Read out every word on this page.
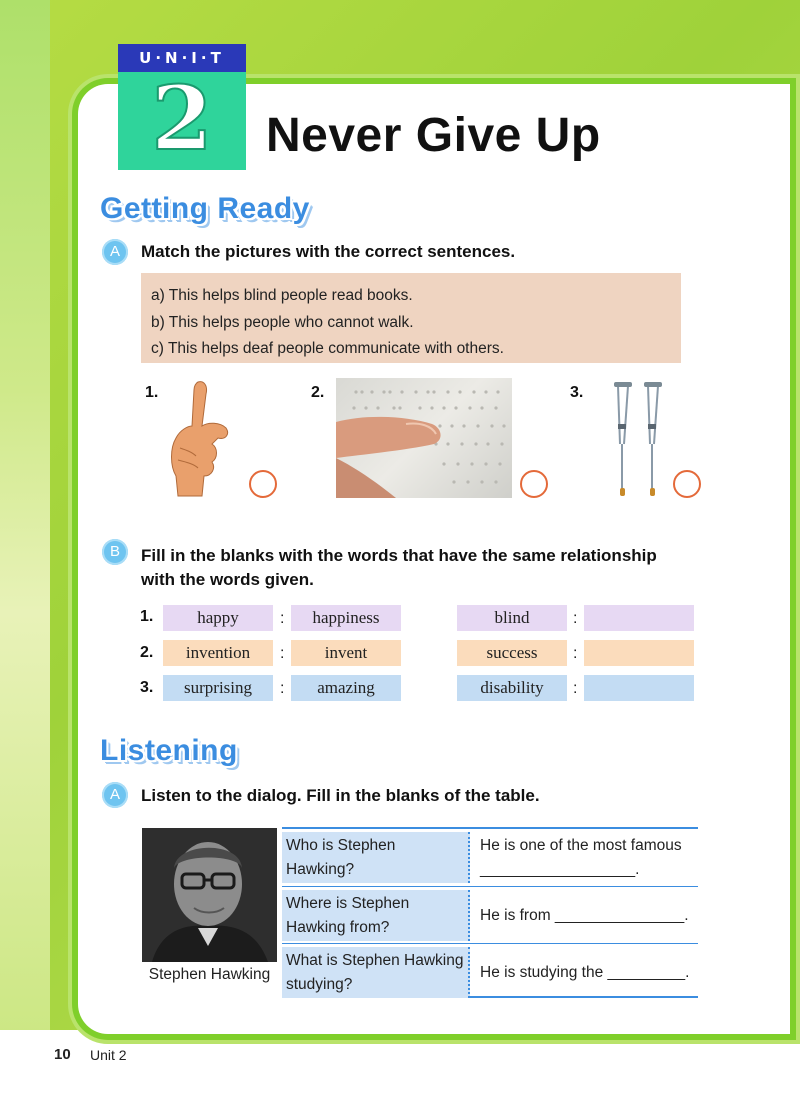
U·N·I·T
2	Never Give Up
Getting Ready
A	Match the pictures with the correct sentences.
a) This helps blind people read books.
b) This helps people who cannot walk.
c) This helps deaf people communicate with others.
1.	2.	3.
B	Fill in the blanks with the words that have the same relationship
with the words given.
1.	happy	:	happiness	blind	:
2.	invention	:	invent	success	:
3.	surprising	:	amazing	disability	:
Listening
A	Listen to the dialog. Fill in the blanks of the table.
Stephen Hawking
Who is Stephen Hawking?
He is one of the most famous __________________.
Where is Stephen Hawking from?
He is from _______________.
What is Stephen Hawking studying?
He is studying the _________.
10 Unit 2
